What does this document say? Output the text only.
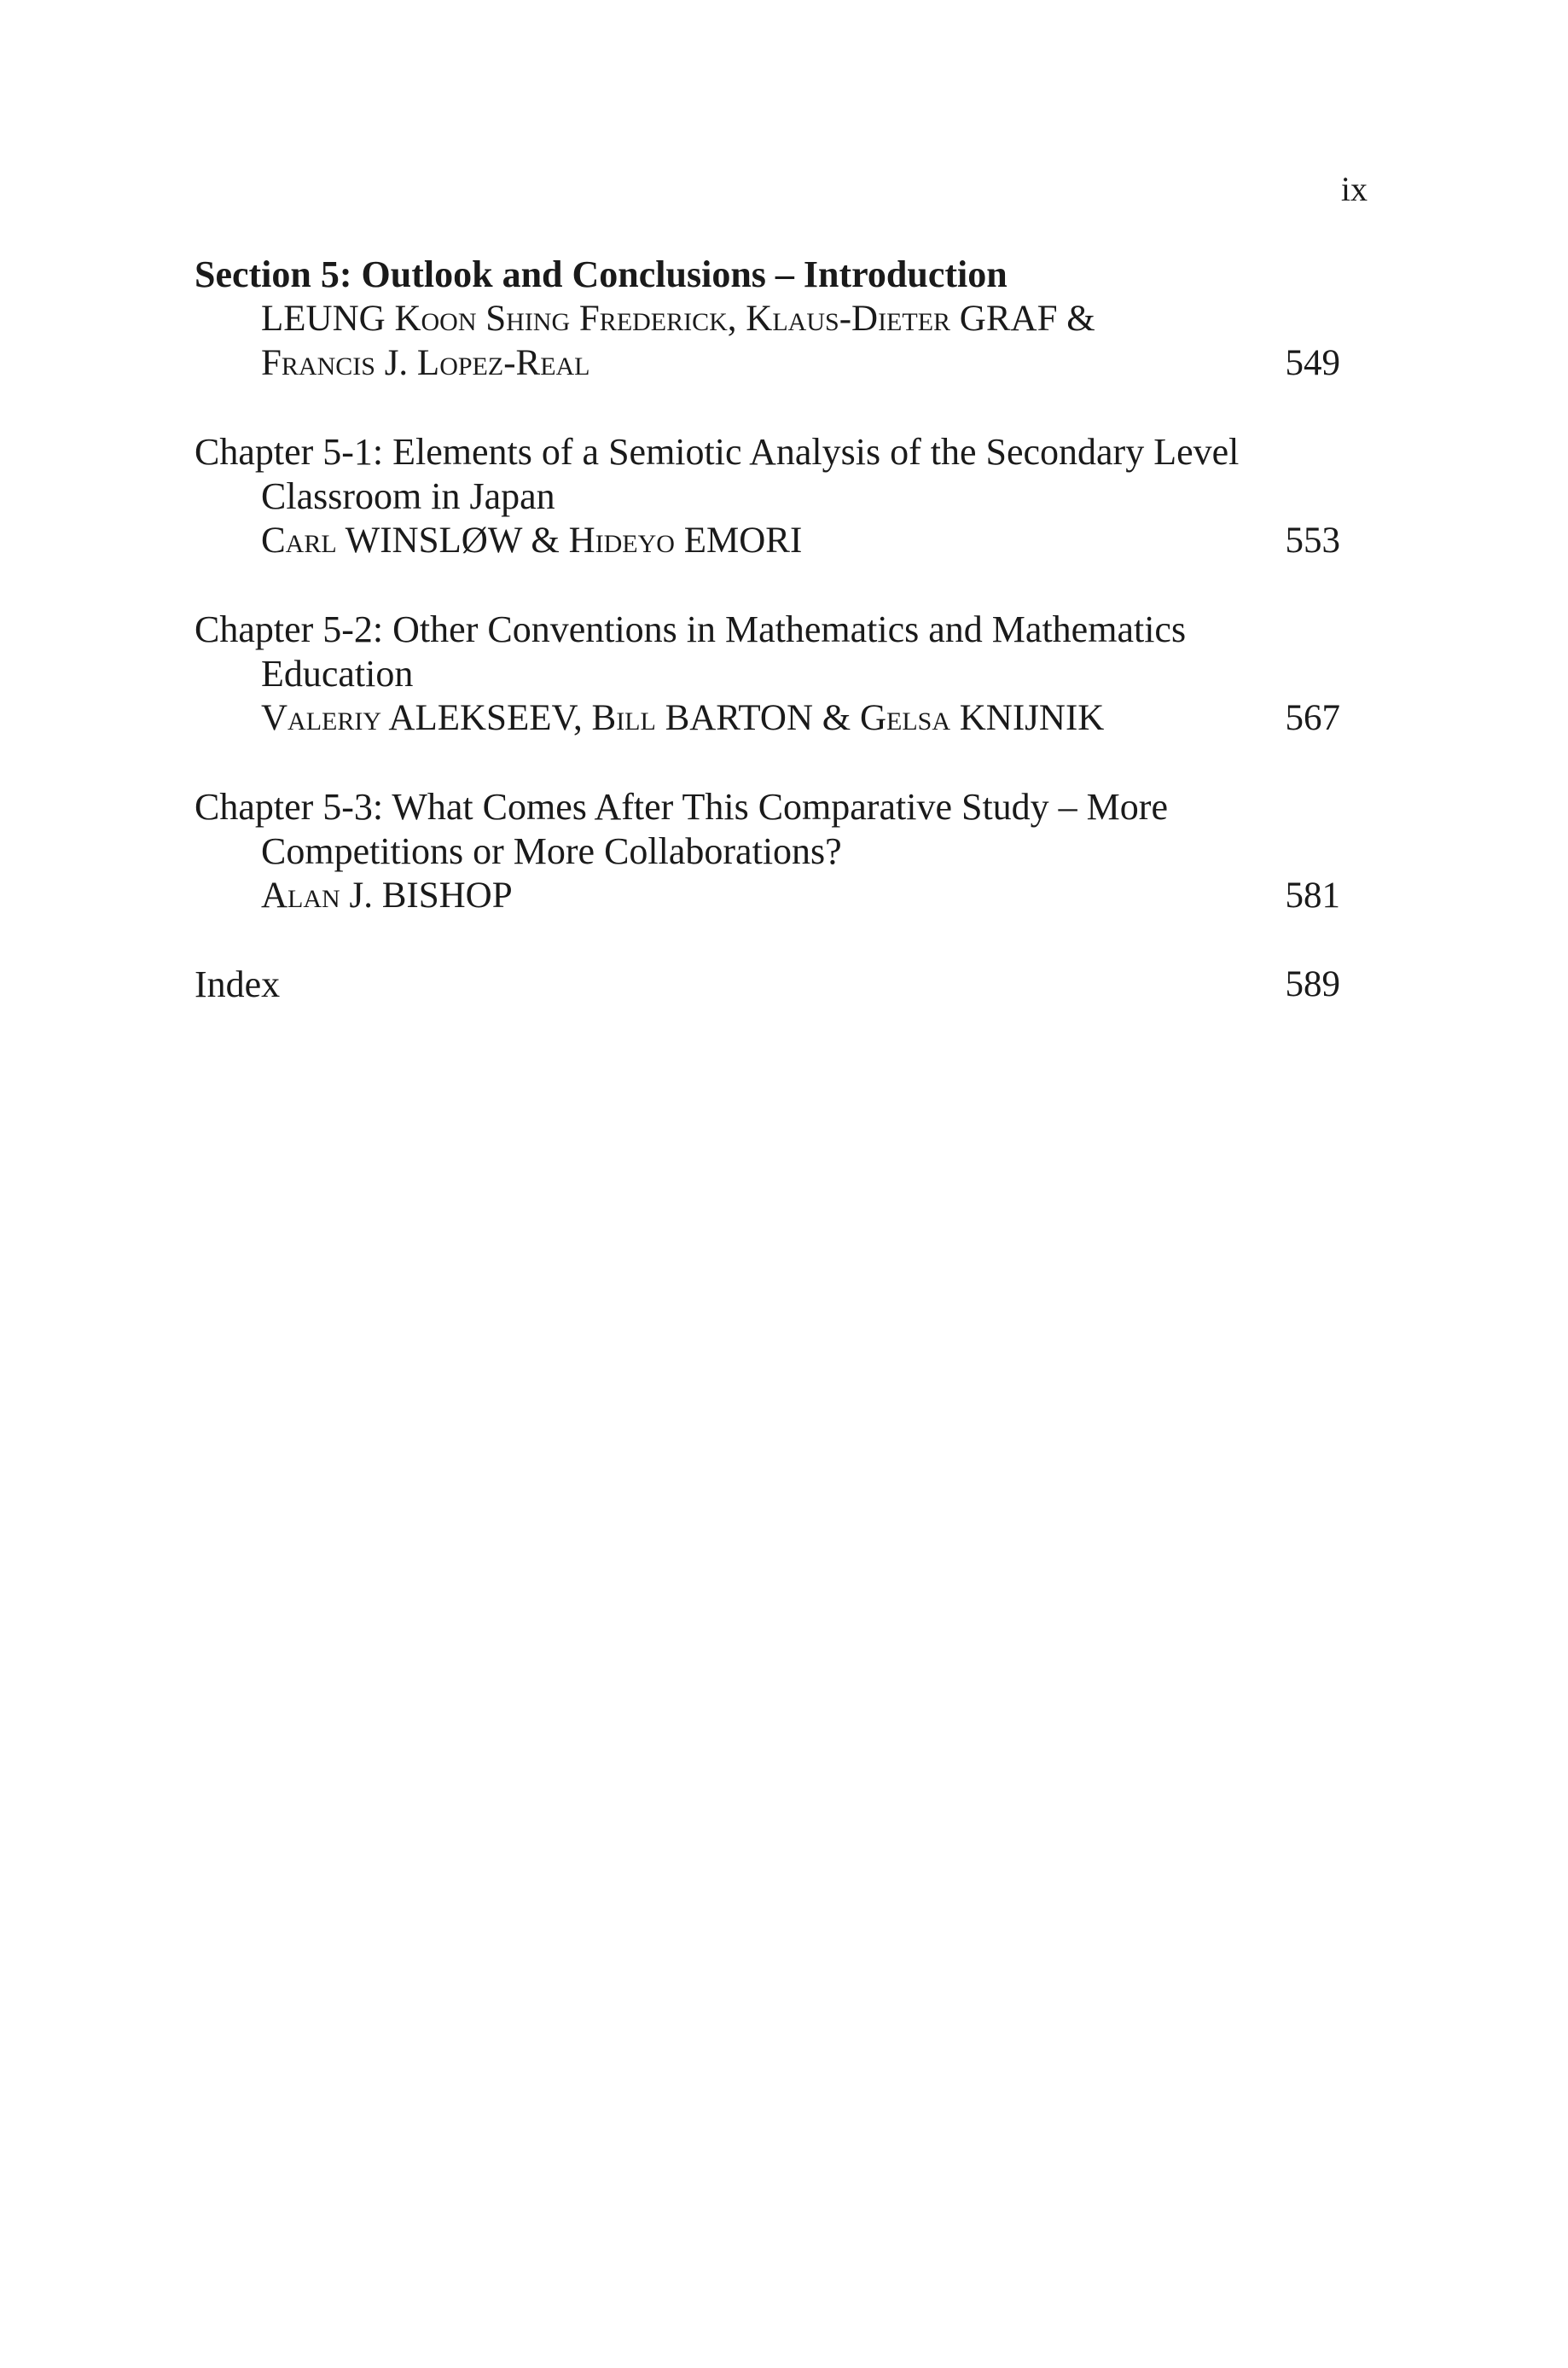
ix

Section 5: Outlook and Conclusions – Introduction

LEUNG Koon Shing Frederick, Klaus-Dieter GRAF &
Francis J. Lopez-Real	549

Chapter 5-1: Elements of a Semiotic Analysis of the Secondary Level
Classroom in Japan

Carl WINSLØW & Hideyo EMORI	553

Chapter 5-2: Other Conventions in Mathematics and Mathematics
Education

Valeriy ALEKSEEV, Bill BARTON & Gelsa KNIJNIK	567

Chapter 5-3: What Comes After This Comparative Study – More
Competitions or More Collaborations?

Alan J. BISHOP	581
Index	589
